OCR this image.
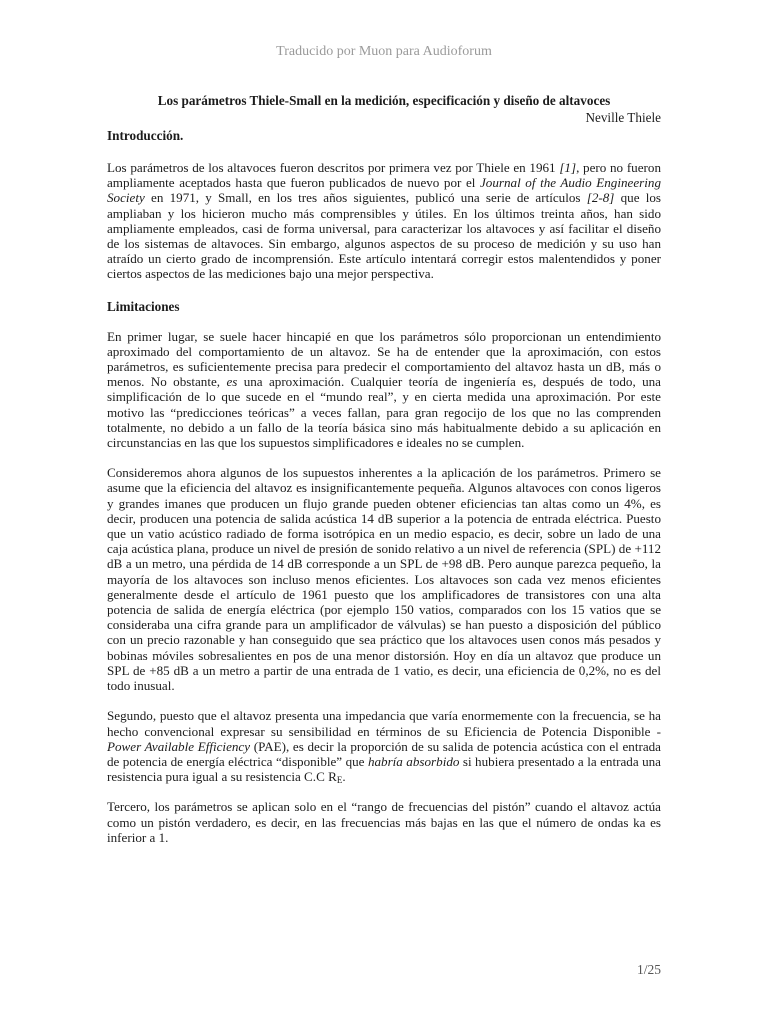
Traducido por Muon para Audioforum
Los parámetros Thiele-Small en la medición, especificación y diseño de altavoces
Neville Thiele
Introducción.

Los parámetros de los altavoces fueron descritos por primera vez por Thiele en 1961 [1], pero no fueron ampliamente aceptados hasta que fueron publicados de nuevo por el Journal of the Audio Engineering Society en 1971, y Small, en los tres años siguientes, publicó una serie de artículos [2-8] que los ampliaban y los hicieron mucho más comprensibles y útiles. En los últimos treinta años, han sido ampliamente empleados, casi de forma universal, para caracterizar los altavoces y así facilitar el diseño de los sistemas de altavoces. Sin embargo, algunos aspectos de su proceso de medición y su uso han atraído un cierto grado de incomprensión. Este artículo intentará corregir estos malentendidos y poner ciertos aspectos de las mediciones bajo una mejor perspectiva.

Limitaciones

En primer lugar, se suele hacer hincapié en que los parámetros sólo proporcionan un entendimiento aproximado del comportamiento de un altavoz. Se ha de entender que la aproximación, con estos parámetros, es suficientemente precisa para predecir el comportamiento del altavoz hasta un dB, más o menos. No obstante, es una aproximación. Cualquier teoría de ingeniería es, después de todo, una simplificación de lo que sucede en el “mundo real”, y en cierta medida una aproximación. Por este motivo las “predicciones teóricas” a veces fallan, para gran regocijo de los que no las comprenden totalmente, no debido a un fallo de la teoría básica sino más habitualmente debido a su aplicación en circunstancias en las que los supuestos simplificadores e ideales no se cumplen.

Consideremos ahora algunos de los supuestos inherentes a la aplicación de los parámetros. Primero se asume que la eficiencia del altavoz es insignificantemente pequeña. Algunos altavoces con conos ligeros y grandes imanes que producen un flujo grande pueden obtener eficiencias tan altas como un 4%, es decir, producen una potencia de salida acústica 14 dB superior a la potencia de entrada eléctrica. Puesto que un vatio acústico radiado de forma isotrópica en un medio espacio, es decir, sobre un lado de una caja acústica plana, produce un nivel de presión de sonido relativo a un nivel de referencia (SPL) de +112 dB a un metro, una pérdida de 14 dB corresponde a un SPL de +98 dB. Pero aunque parezca pequeño, la mayoría de los altavoces son incluso menos eficientes. Los altavoces son cada vez menos eficientes generalmente desde el artículo de 1961 puesto que los amplificadores de transistores con una alta potencia de salida de energía eléctrica (por ejemplo 150 vatios, comparados con los 15 vatios que se consideraba una cifra grande para un amplificador de válvulas) se han puesto a disposición del público con un precio razonable y han conseguido que sea práctico que los altavoces usen conos más pesados y bobinas móviles sobresalientes en pos de una menor distorsión. Hoy en día un altavoz que produce un SPL de +85 dB a un metro a partir de una entrada de 1 vatio, es decir, una eficiencia de 0,2%, no es del todo inusual.

Segundo, puesto que el altavoz presenta una impedancia que varía enormemente con la frecuencia, se ha hecho convencional expresar su sensibilidad en términos de su Eficiencia de Potencia Disponible - Power Available Efficiency (PAE), es decir la proporción de su salida de potencia acústica con el entrada de potencia de energía eléctrica “disponible” que habría absorbido si hubiera presentado a la entrada una resistencia pura igual a su resistencia C.C $R_E$.

Tercero, los parámetros se aplican solo en el “rango de frecuencias del pistón” cuando el altavoz actúa como un pistón verdadero, es decir, en las frecuencias más bajas en las que el número de ondas ka es inferior a 1.

1/25
